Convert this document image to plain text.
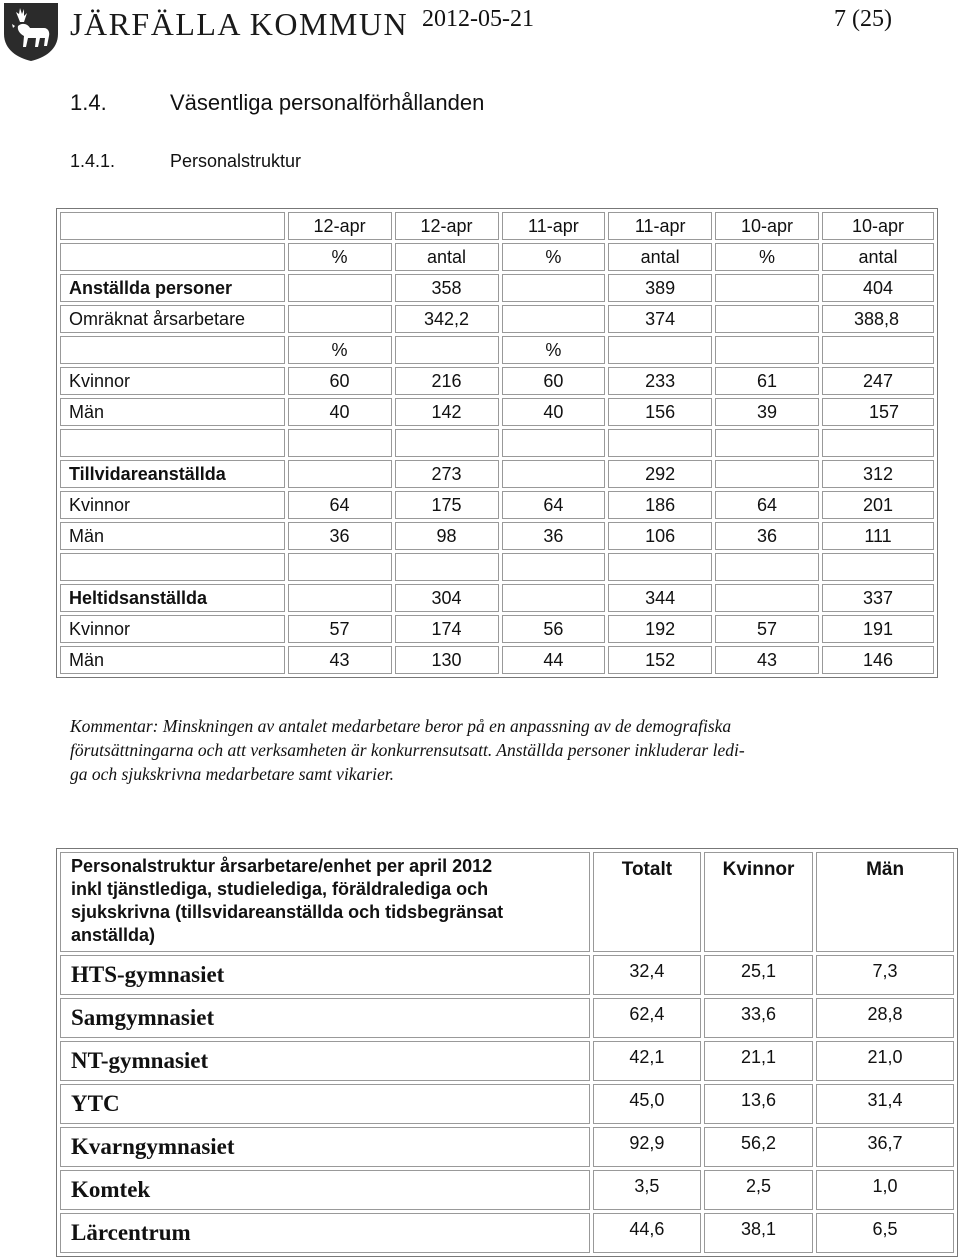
JÄRFÄLLA KOMMUN 2012-05-21	7 (25)
1.4.	Väsentliga personalförhållanden
1.4.1.	Personalstruktur
	12-apr	12-apr	11-apr	11-apr	10-apr	10-apr
	%	antal	%	antal	%	antal
Anställda personer		358		389		404
Omräknat årsarbetare		342,2		374		388,8
	%		%			
Kvinnor	60	216	60	233	61	247
Män	40	142	40	156	39	157

Tillvidareanställda		273		292		312
Kvinnor	64	175	64	186	64	201
Män	36	98	36	106	36	111

Heltidsanställda		304		344		337
Kvinnor	57	174	56	192	57	191
Män	43	130	44	152	43	146
Kommentar: Minskningen av antalet medarbetare beror på en anpassning av de demografiska
förutsättningarna och att verksamheten är konkurrensutsatt. Anställda personer inkluderar ledi-
ga och sjukskrivna medarbetare samt vikarier.
Personalstruktur årsarbetare/enhet per april 2012
inkl tjänstlediga, studielediga, föräldralediga och
sjukskrivna (tillsvidareanställda och tidsbegränsat
anställda)	Totalt	Kvinnor	Män
HTS-gymnasiet	32,4	25,1	7,3
Samgymnasiet	62,4	33,6	28,8
NT-gymnasiet	42,1	21,1	21,0
YTC	45,0	13,6	31,4
Kvarngymnasiet	92,9	56,2	36,7
Komtek	3,5	2,5	1,0
Lärcentrum	44,6	38,1	6,5
